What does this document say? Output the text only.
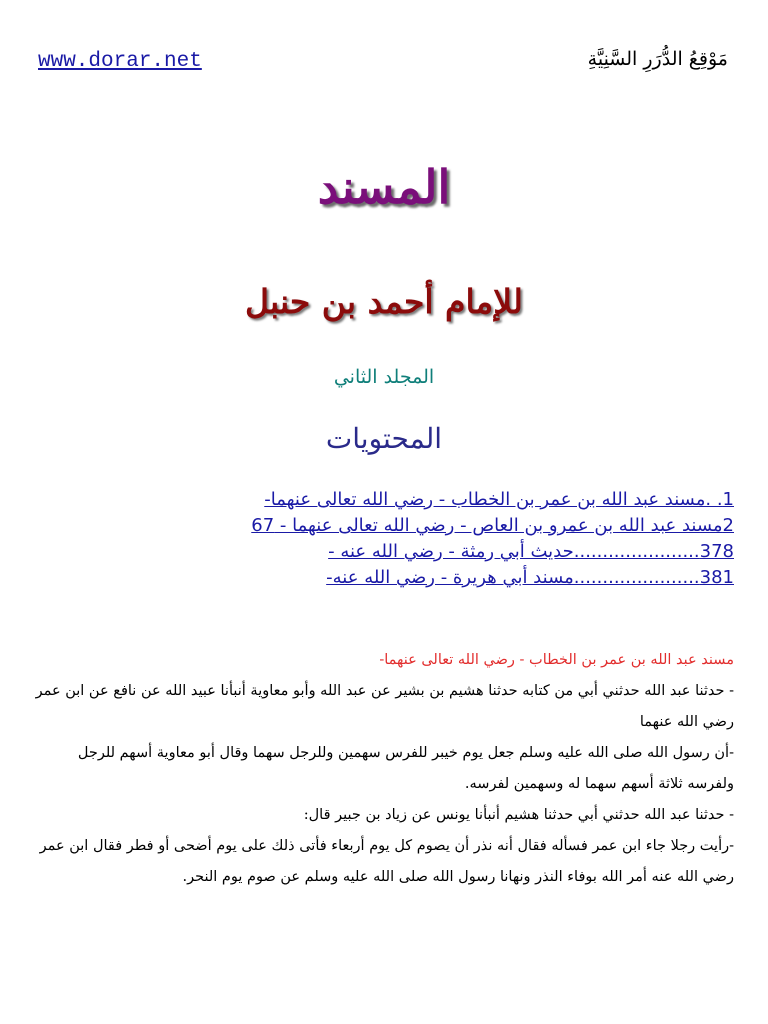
www.dorar.net	مَوْقِعُ الدُّرَرِ السَّنِيَّةِ
المسند
للإمام أحمد بن حنبل
المجلد الثاني
المحتويات
1. .مسند عبد الله بن عمر بن الخطاب - رضي الله تعالى عنهما-
2مسند عبد الله بن عمرو بن العاص - رضي الله تعالى عنهما - 67
378......................حديث أبي رمثة - رضي الله عنه -
381......................مسند أبي هريرة - رضي الله عنه-

مسند عبد الله بن عمر بن الخطاب - رضي الله تعالى عنهما-

- حدثنا عبد الله حدثني أبي من كتابه حدثنا هشيم بن بشير عن عبد الله وأبو معاوية أنبأنا عبيد الله عن نافع عن ابن عمر رضي الله عنهما

-أن رسول الله صلى الله عليه وسلم جعل يوم خيبر للفرس سهمين وللرجل سهما وقال أبو معاوية أسهم للرجل ولفرسه ثلاثة أسهم سهما له وسهمين لفرسه.

- حدثنا عبد الله حدثني أبي حدثنا هشيم أنبأنا يونس عن زياد بن جبير قال:

-رأيت رجلا جاء ابن عمر فسأله فقال أنه نذر أن يصوم كل يوم أربعاء فأتى ذلك على يوم أضحى أو فطر فقال ابن عمر رضي الله عنه أمر الله بوفاء النذر ونهانا رسول الله صلى الله عليه وسلم عن صوم يوم النحر.
